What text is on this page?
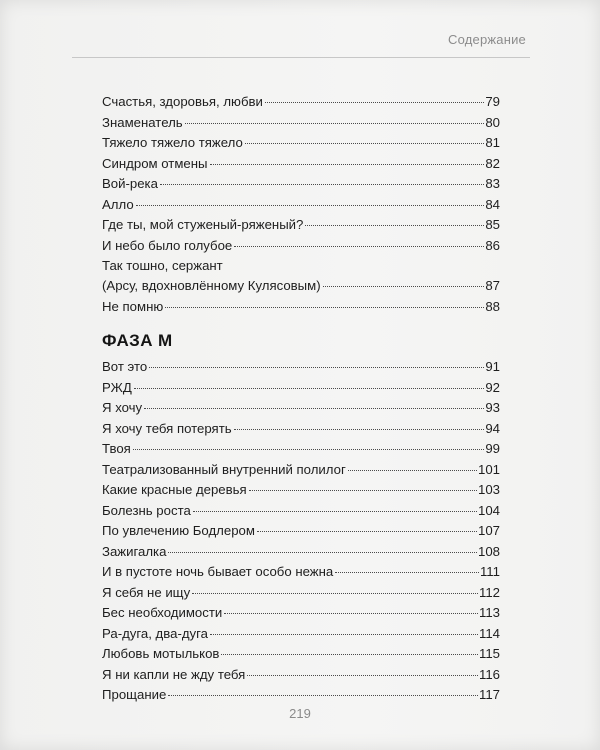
Содержание
Счастья, здоровья, любви	79
Знаменатель	80
Тяжело тяжело тяжело	81
Синдром отмены	82
Вой-река	83
Алло	84
Где ты, мой стуженый-ряженый?	85
И небо было голубое	86
Так тошно, сержант
(Арсу, вдохновлённому Кулясовым)	87
Не помню	88
ФАЗА М
Вот это	91
РЖД	92
Я хочу	93
Я хочу тебя потерять	94
Твоя	99
Театрализованный внутренний полилог	101
Какие красные деревья	103
Болезнь роста	104
По увлечению Бодлером	107
Зажигалка	108
И в пустоте ночь бывает особо нежна	111
Я себя не ищу	112
Бес необходимости	113
Ра-дуга, два-дуга	114
Любовь мотыльков	115
Я ни капли не жду тебя	116
Прощание	117
219
